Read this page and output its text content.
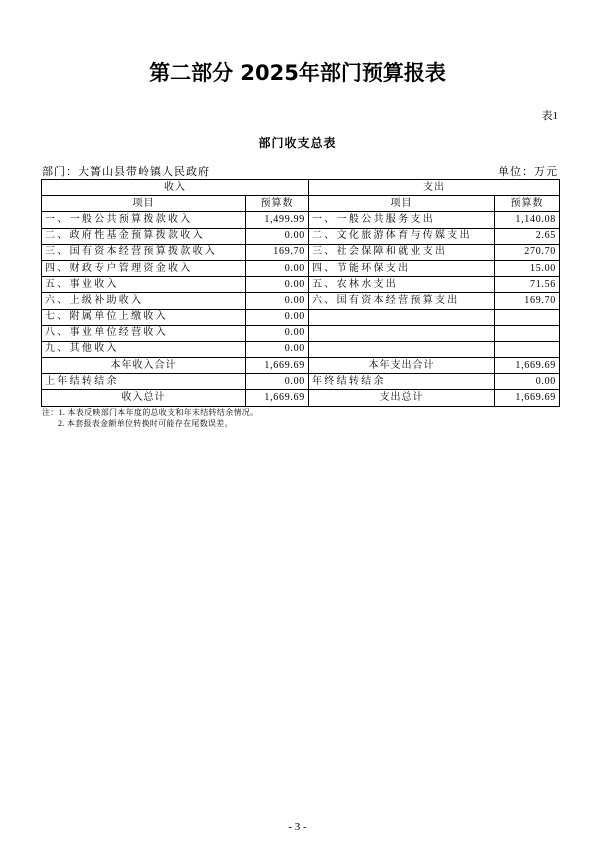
第二部分 2025年部门预算报表
表1
部门收支总表
部门：大箐山县带岭镇人民政府	单位：万元
收入		支出	
项目	预算数	项目	预算数
一、一般公共预算拨款收入	1,499.99	一、一般公共服务支出	1,140.08
二、政府性基金预算拨款收入	0.00	二、文化旅游体育与传媒支出	2.65
三、国有资本经营预算拨款收入	169.70	三、社会保障和就业支出	270.70
四、财政专户管理资金收入	0.00	四、节能环保支出	15.00
五、事业收入	0.00	五、农林水支出	71.56
六、上级补助收入	0.00	六、国有资本经营预算支出	169.70
七、附属单位上缴收入	0.00		
八、事业单位经营收入	0.00		
九、其他收入	0.00		
本年收入合计	1,669.69	本年支出合计	1,669.69
上年结转结余	0.00	年终结转结余	0.00
收入总计	1,669.69	支出总计	1,669.69
注：1. 本表反映部门本年度的总收支和年末结转结余情况。
2. 本套报表金额单位转换时可能存在尾数误差。
- 3 -
